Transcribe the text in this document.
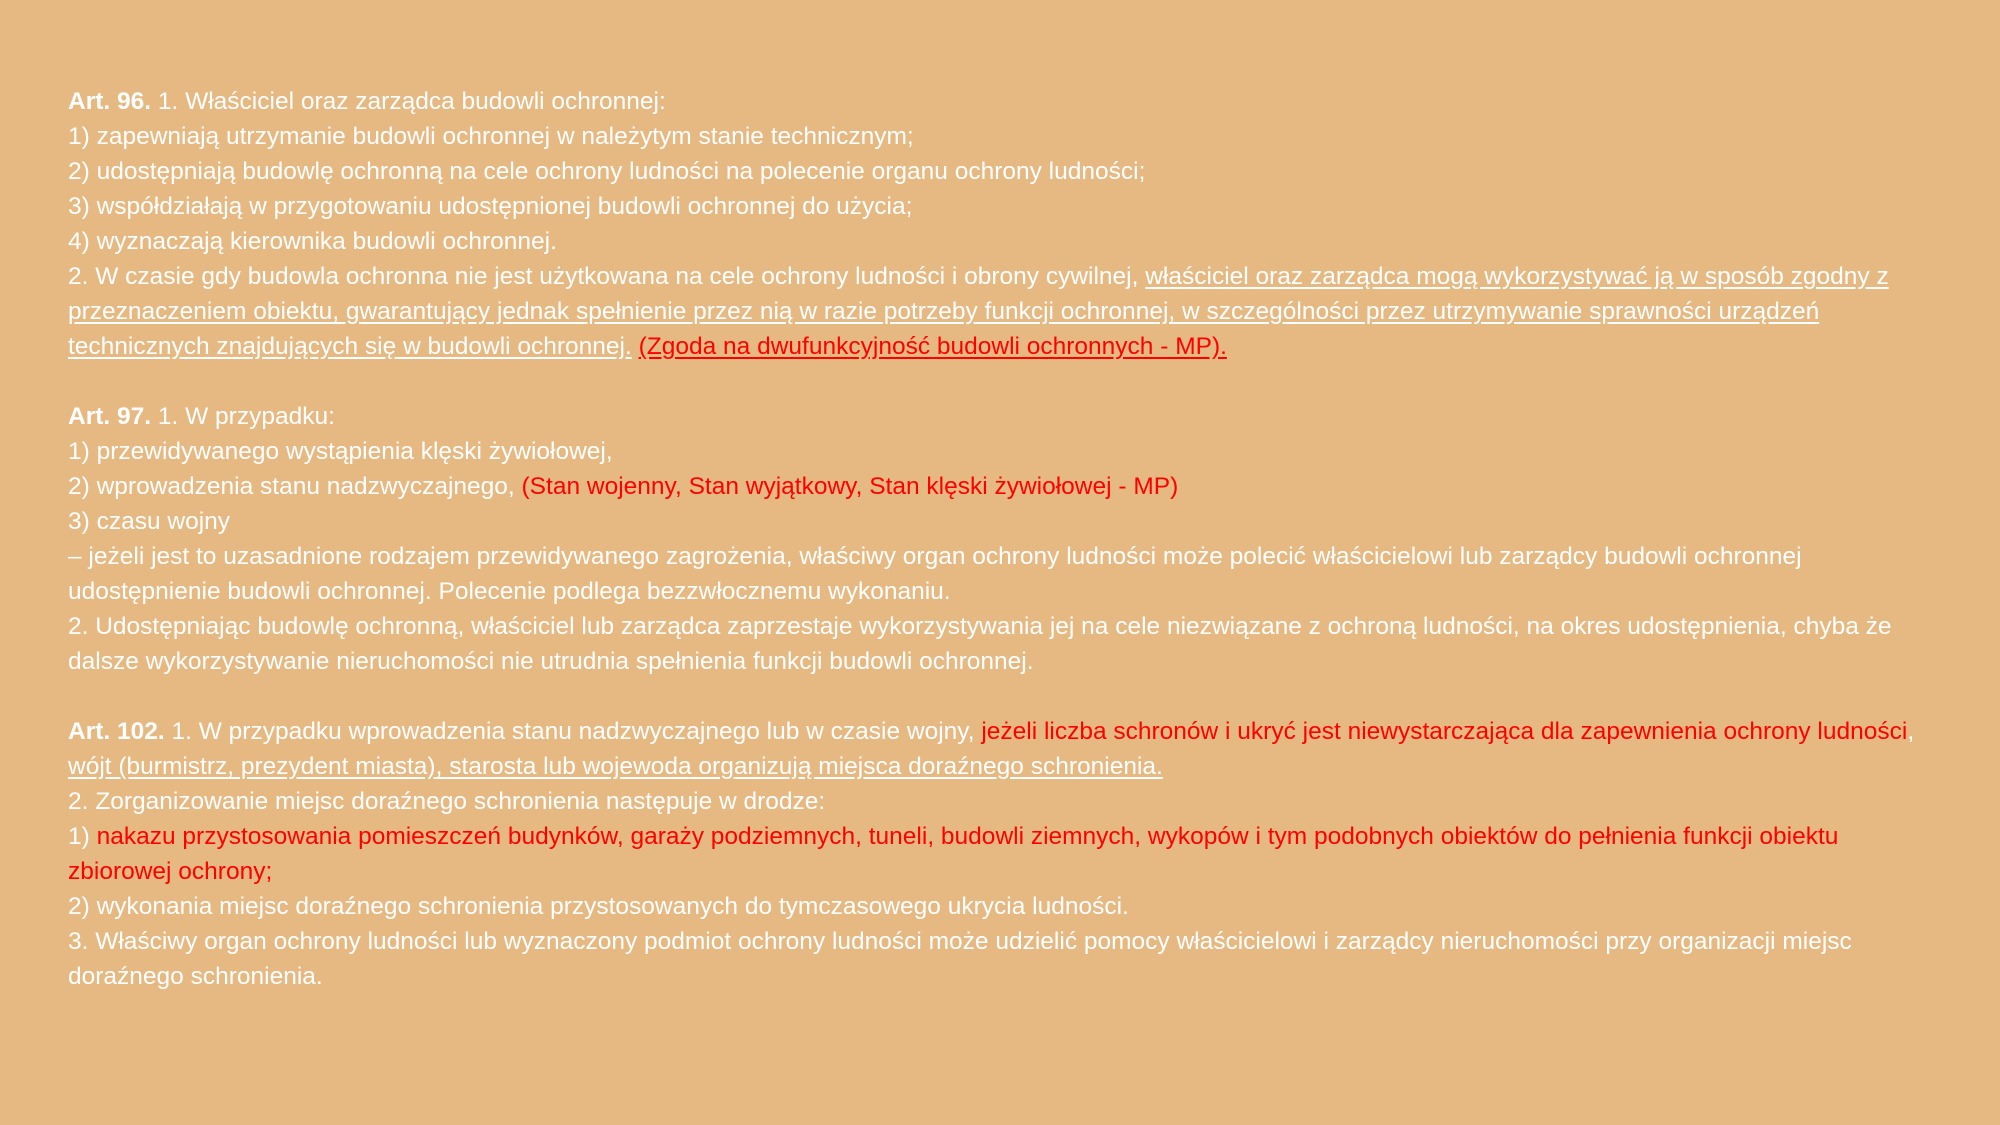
Art. 96. 1. Właściciel oraz zarządca budowli ochronnej:
1) zapewniają utrzymanie budowli ochronnej w należytym stanie technicznym;
2) udostępniają budowlę ochronną na cele ochrony ludności na polecenie organu ochrony ludności;
3) współdziałają w przygotowaniu udostępnionej budowli ochronnej do użycia;
4) wyznaczają kierownika budowli ochronnej.
2. W czasie gdy budowla ochronna nie jest użytkowana na cele ochrony ludności i obrony cywilnej, właściciel oraz zarządca mogą wykorzystywać ją w sposób zgodny z przeznaczeniem obiektu, gwarantujący jednak spełnienie przez nią w razie potrzeby funkcji ochronnej, w szczególności przez utrzymywanie sprawności urządzeń technicznych znajdujących się w budowli ochronnej. (Zgoda na dwufunkcyjność budowli ochronnych - MP).
Art. 97. 1. W przypadku:
1) przewidywanego wystąpienia klęski żywiołowej,
2) wprowadzenia stanu nadzwyczajnego, (Stan wojenny, Stan wyjątkowy, Stan klęski żywiołowej - MP)
3) czasu wojny
– jeżeli jest to uzasadnione rodzajem przewidywanego zagrożenia, właściwy organ ochrony ludności może polecić właścicielowi lub zarządcy budowli ochronnej udostępnienie budowli ochronnej. Polecenie podlega bezzwłocznemu wykonaniu.
2. Udostępniając budowlę ochronną, właściciel lub zarządca zaprzestaje wykorzystywania jej na cele niezwiązane z ochroną ludności, na okres udostępnienia, chyba że dalsze wykorzystywanie nieruchomości nie utrudnia spełnienia funkcji budowli ochronnej.
Art. 102. 1. W przypadku wprowadzenia stanu nadzwyczajnego lub w czasie wojny, jeżeli liczba schronów i ukryć jest niewystarczająca dla zapewnienia ochrony ludności, wójt (burmistrz, prezydent miasta), starosta lub wojewoda organizują miejsca doraźnego schronienia.
2. Zorganizowanie miejsc doraźnego schronienia następuje w drodze:
1) nakazu przystosowania pomieszczeń budynków, garaży podziemnych, tuneli, budowli ziemnych, wykopów i tym podobnych obiektów do pełnienia funkcji obiektu zbiorowej ochrony;
2) wykonania miejsc doraźnego schronienia przystosowanych do tymczasowego ukrycia ludności.
3. Właściwy organ ochrony ludności lub wyznaczony podmiot ochrony ludności może udzielić pomocy właścicielowi i zarządcy nieruchomości przy organizacji miejsc doraźnego schronienia.
